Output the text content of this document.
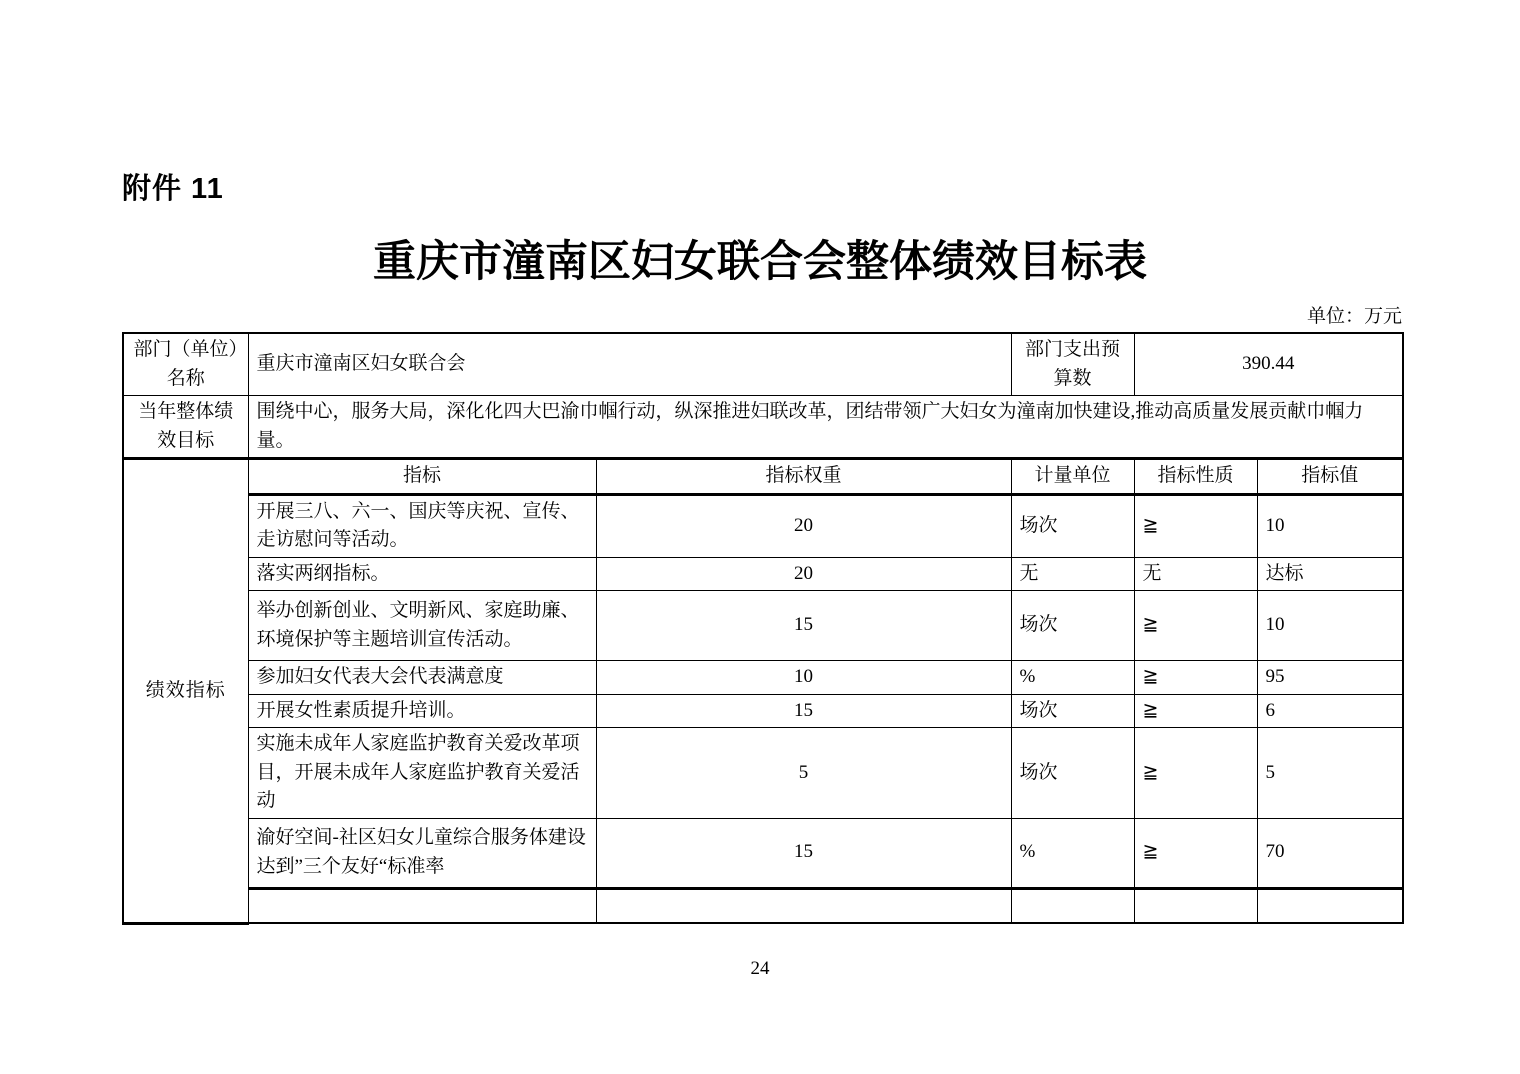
附件 11
重庆市潼南区妇女联合会整体绩效目标表
单位：万元
部门（单位）名称	重庆市潼南区妇女联合会		部门支出预算数	390.44	
当年整体绩效目标	围绕中心，服务大局，深化化四大巴渝巾帼行动，纵深推进妇联改革，团结带领广大妇女为潼南加快建设,推动高质量发展贡献巾帼力量。				
绩效指标	指标	指标权重	计量单位	指标性质	指标值
	开展三八、六一、国庆等庆祝、宣传、走访慰问等活动。	20	场次	≧	10
	落实两纲指标。	20	无	无	达标
	举办创新创业、文明新风、家庭助廉、环境保护等主题培训宣传活动。	15	场次	≧	10
	参加妇女代表大会代表满意度	10	%	≧	95
	开展女性素质提升培训。	15	场次	≧	6
	实施未成年人家庭监护教育关爱改革项目，开展未成年人家庭监护教育关爱活动	5	场次	≧	5
	渝好空间-社区妇女儿童综合服务体建设达到”三个友好“标准率	15	%	≧	70

24
